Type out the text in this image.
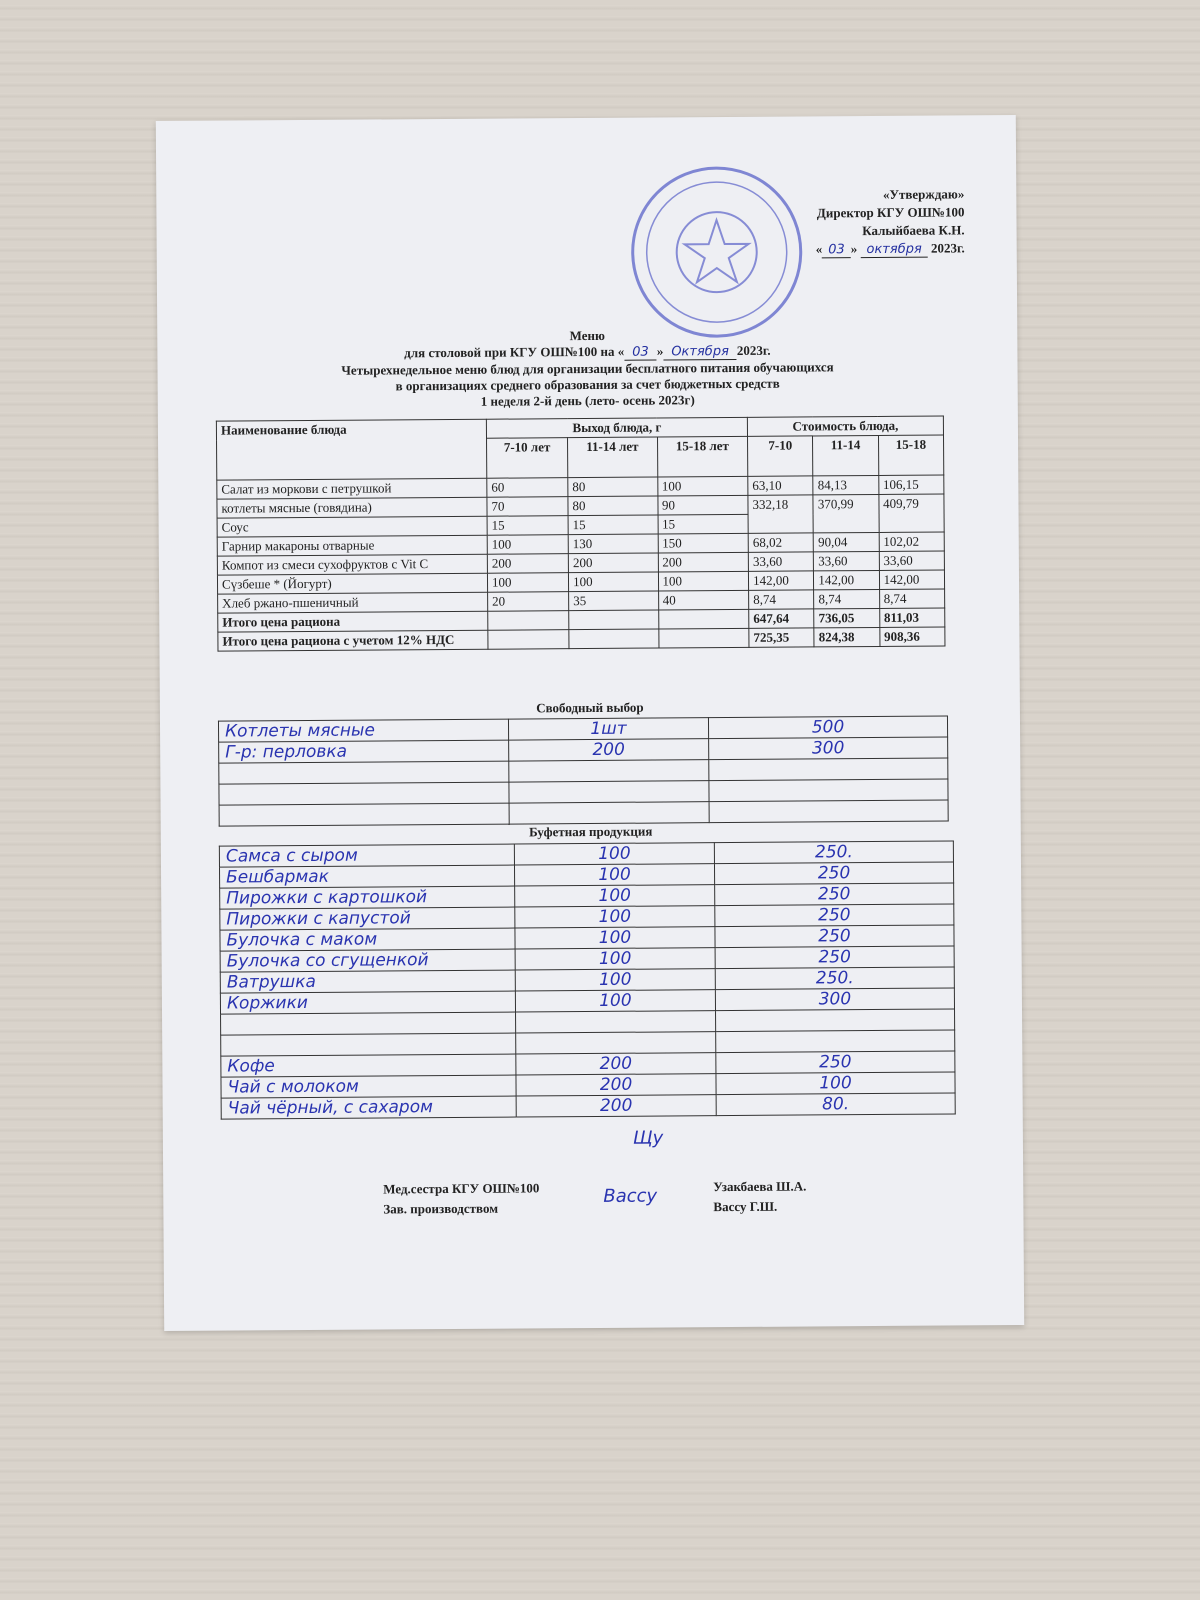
«Утверждаю»
Директор КГУ ОШ№100
Калыйбаева К.Н.
« 03 » октября 2023г.
Меню
для столовой при КГУ ОШ№100 на « 03 » Октября 2023г.
Четырехнедельное меню блюд для организации бесплатного питания обучающихся
в организациях среднего образования за счет бюджетных средств
1 неделя 2-й день (лето- осень 2023г)
Наименование блюда	Выход блюда, г			Стоимость блюда,		
	7-10 лет	11-14 лет	15-18 лет	7-10	11-14	15-18
Салат из моркови с петрушкой	60	80	100	63,10	84,13	106,15
котлеты мясные (говядина)	70	80	90	332,18	370,99	409,79
Соус	15	15	15			
Гарнир макароны отварные	100	130	150	68,02	90,04	102,02
Компот из смеси сухофруктов с Vit C	200	200	200	33,60	33,60	33,60
Сүзбеше * (Йогурт)	100	100	100	142,00	142,00	142,00
Хлеб ржано-пшеничный	20	35	40	8,74	8,74	8,74
Итого цена рациона				647,64	736,05	811,03
Итого цена рациона с учетом 12% НДС				725,35	824,38	908,36
Свободный выбор
Котлеты мясные	1шт	500
Г-р: перловка	200	300

Буфетная продукция
Самса с сыром	100	250.
Бешбармак	100	250
Пирожки с картошкой	100	250
Пирожки с капустой	100	250
Булочка с маком	100	250
Булочка со сгущенкой	100	250
Ватрушка	100	250.
Коржики	100	300

Кофе	200	250
Чай с молоком	200	100
Чай чёрный, с сахаром	200	80.
Щу
Вассу
Мед.сестра КГУ ОШ№100	Узакбаева Ш.А.
Зав. производством	Вассу Г.Ш.
